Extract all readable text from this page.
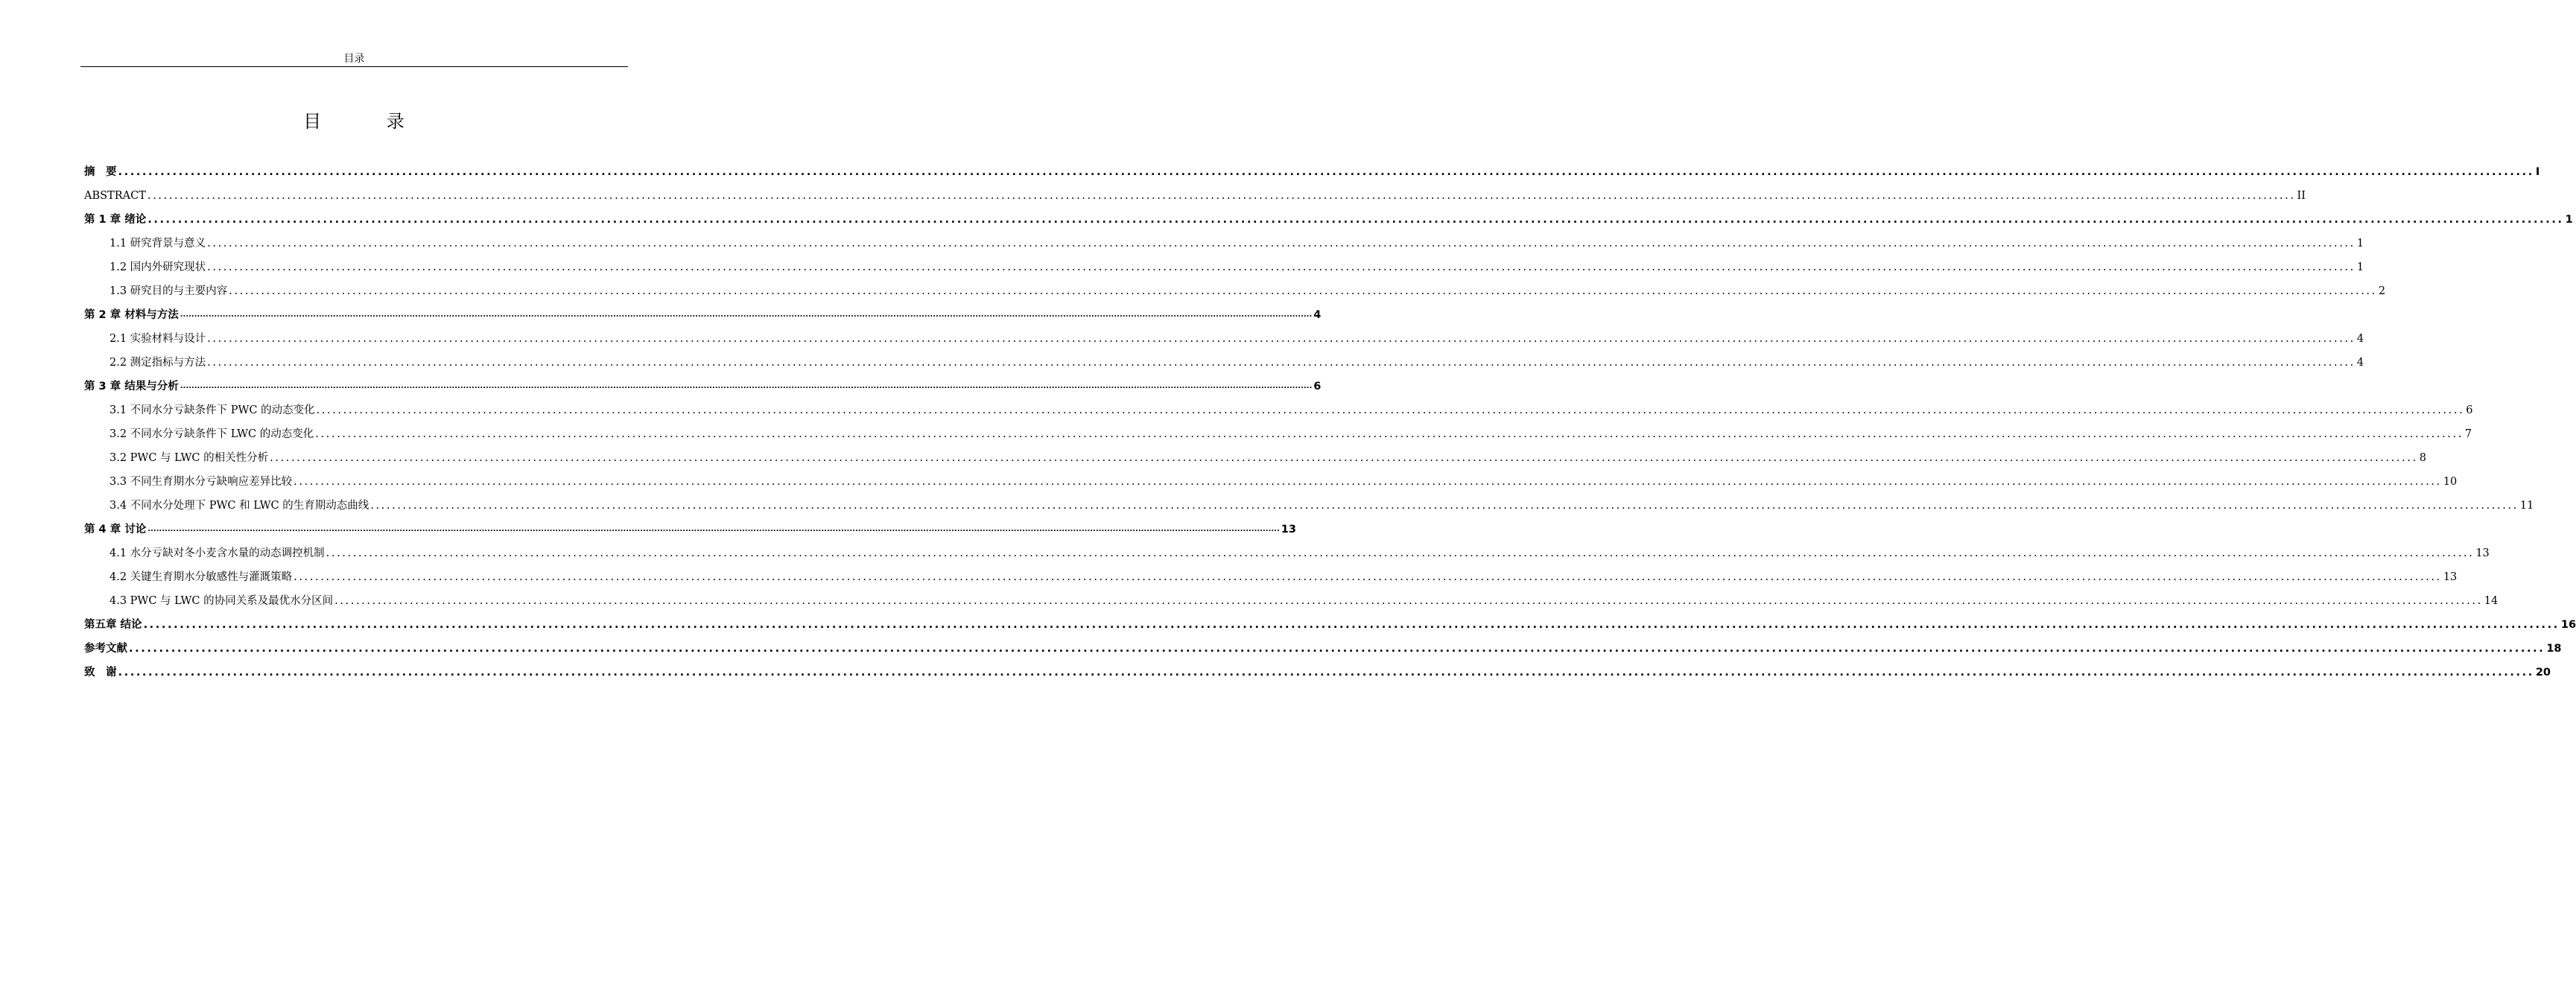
目录
目 录
摘　要 ................................................................................................................................................................................................................................................................................................................................................................................................................ I
ABSTRACT ................................................................................................................................................................................................................................................................................................................................................................................................................ II
第 1 章 绪论 ................................................................................................................................................................................................................................................................................................................................................................................................................ 1
1.1 研究背景与意义 ................................................................................................................................................................................................................................................................................................................................................................................................................ 1
1.2 国内外研究现状 ................................................................................................................................................................................................................................................................................................................................................................................................................ 1
1.3 研究目的与主要内容 ................................................................................................................................................................................................................................................................................................................................................................................................................ 2
第 2 章 材料与方法 ................................................................................................................................................................................................................................................................................................................................................................................................................ 4
2.1 实验材料与设计 ................................................................................................................................................................................................................................................................................................................................................................................................................ 4
2.2 测定指标与方法 ................................................................................................................................................................................................................................................................................................................................................................................................................ 4
第 3 章 结果与分析 ................................................................................................................................................................................................................................................................................................................................................................................................................ 6
3.1 不同水分亏缺条件下 PWC 的动态变化 ................................................................................................................................................................................................................................................................................................................................................................................................................ 6
3.2 不同水分亏缺条件下 LWC 的动态变化 ................................................................................................................................................................................................................................................................................................................................................................................................................ 7
3.2 PWC 与 LWC 的相关性分析 ................................................................................................................................................................................................................................................................................................................................................................................................................ 8
3.3 不同生育期水分亏缺响应差异比较 ................................................................................................................................................................................................................................................................................................................................................................................................................ 10
3.4 不同水分处理下 PWC 和 LWC 的生育期动态曲线 ................................................................................................................................................................................................................................................................................................................................................................................................................ 11
第 4 章 讨论 ................................................................................................................................................................................................................................................................................................................................................................................................................ 13
4.1 水分亏缺对冬小麦含水量的动态调控机制 ................................................................................................................................................................................................................................................................................................................................................................................................................ 13
4.2 关键生育期水分敏感性与灌溉策略 ................................................................................................................................................................................................................................................................................................................................................................................................................ 13
4.3 PWC 与 LWC 的协同关系及最优水分区间 ................................................................................................................................................................................................................................................................................................................................................................................................................ 14
第五章 结论 ................................................................................................................................................................................................................................................................................................................................................................................................................ 16
参考文献 ................................................................................................................................................................................................................................................................................................................................................................................................................ 18
致　谢 ................................................................................................................................................................................................................................................................................................................................................................................................................ 20
